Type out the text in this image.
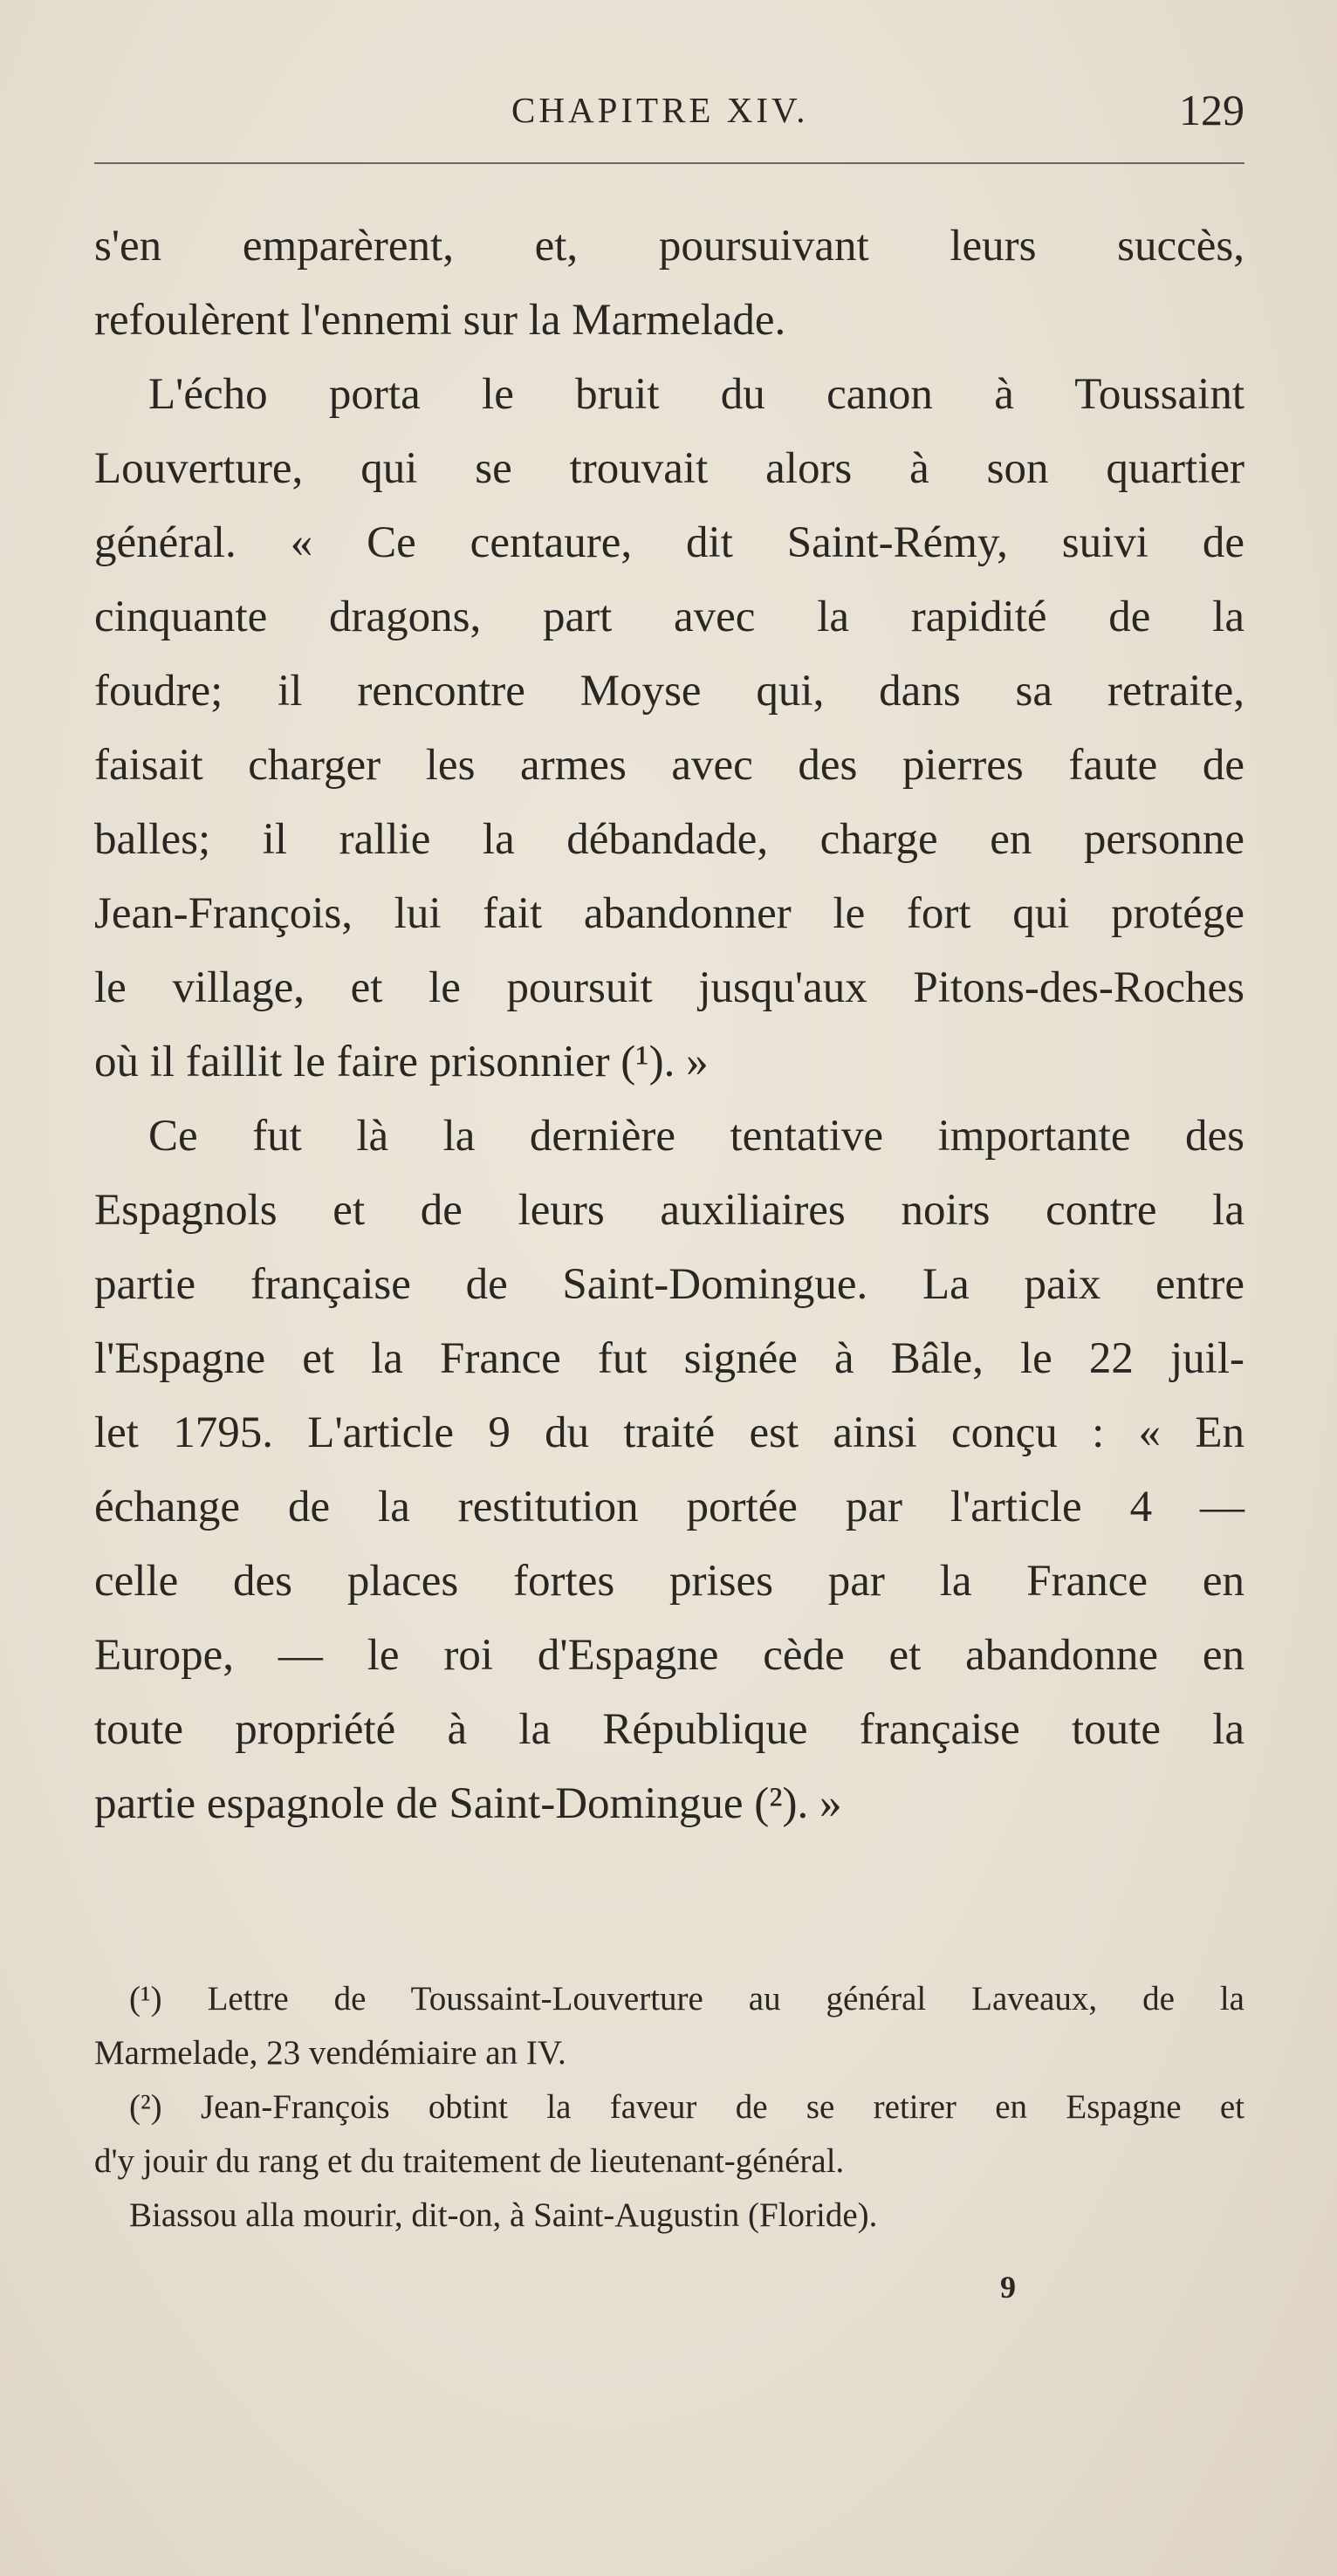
CHAPITRE XIV.	129
s'en emparèrent, et, poursuivant leurs succès,
refoulèrent l'ennemi sur la Marmelade.
L'écho porta le bruit du canon à Toussaint
Louverture, qui se trouvait alors à son quartier
général. « Ce centaure, dit Saint-Rémy, suivi de
cinquante dragons, part avec la rapidité de la
foudre; il rencontre Moyse qui, dans sa retraite,
faisait charger les armes avec des pierres faute de
balles; il rallie la débandade, charge en personne
Jean-François, lui fait abandonner le fort qui protége
le village, et le poursuit jusqu'aux Pitons-des-Roches
où il faillit le faire prisonnier (¹). »
Ce fut là la dernière tentative importante des
Espagnols et de leurs auxiliaires noirs contre la
partie française de Saint-Domingue. La paix entre
l'Espagne et la France fut signée à Bâle, le 22 juil-
let 1795. L'article 9 du traité est ainsi conçu : « En
échange de la restitution portée par l'article 4 —
celle des places fortes prises par la France en
Europe, — le roi d'Espagne cède et abandonne en
toute propriété à la République française toute la
partie espagnole de Saint-Domingue (²). »
(¹) Lettre de Toussaint-Louverture au général Laveaux, de la
Marmelade, 23 vendémiaire an IV.
(²) Jean-François obtint la faveur de se retirer en Espagne et
d'y jouir du rang et du traitement de lieutenant-général.
Biassou alla mourir, dit-on, à Saint-Augustin (Floride).
9
